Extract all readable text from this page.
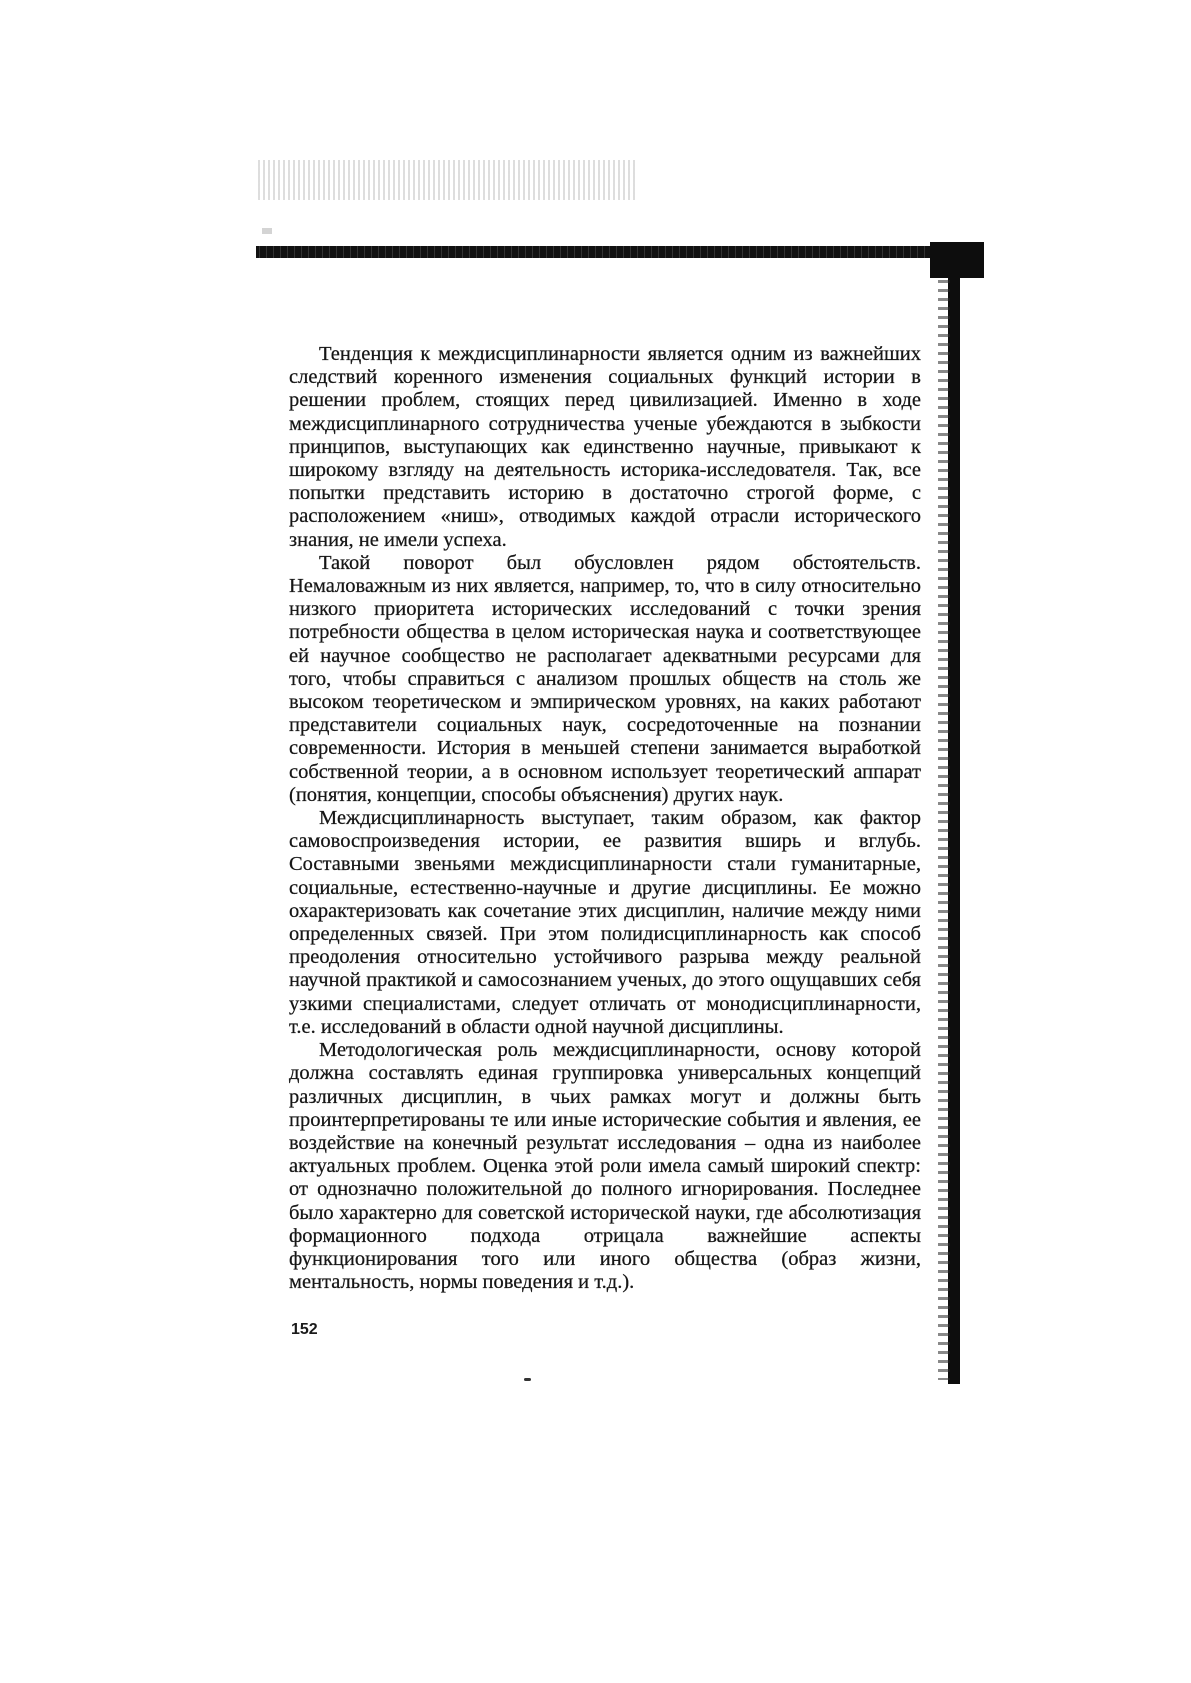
Тенденция к междисциплинарности является одним из важнейших следствий коренного изменения социальных функций истории в решении проблем, стоящих перед цивилизацией. Именно в ходе междисциплинарного сотрудничества ученые убеждаются в зыбкости принципов, выступающих как единственно научные, привыкают к широкому взгляду на деятельность историка-исследователя. Так, все попытки представить историю в достаточно строгой форме, с расположением «ниш», отводимых каждой отрасли исторического знания, не имели успеха.

Такой поворот был обусловлен рядом обстоятельств. Немаловажным из них является, например, то, что в силу относительно низкого приоритета исторических исследований с точки зрения потребности общества в целом историческая наука и соответствующее ей научное сообщество не располагает адекватными ресурсами для того, чтобы справиться с анализом прошлых обществ на столь же высоком теоретическом и эмпирическом уровнях, на каких работают представители социальных наук, сосредоточенные на познании современности. История в меньшей степени занимается выработкой собственной теории, а в основном использует теоретический аппарат (понятия, концепции, способы объяснения) других наук.

Междисциплинарность выступает, таким образом, как фактор самовоспроизведения истории, ее развития вширь и вглубь. Составными звеньями междисциплинарности стали гуманитарные, социальные, естественно-научные и другие дисциплины. Ее можно охарактеризовать как сочетание этих дисциплин, наличие между ними определенных связей. При этом полидисциплинарность как способ преодоления относительно устойчивого разрыва между реальной научной практикой и самосознанием ученых, до этого ощущавших себя узкими специалистами, следует отличать от монодисциплинарности, т.е. исследований в области одной научной дисциплины.

Методологическая роль междисциплинарности, основу которой должна составлять единая группировка универсальных концепций различных дисциплин, в чьих рамках могут и должны быть проинтерпретированы те или иные исторические события и явления, ее воздействие на конечный результат исследования – одна из наиболее актуальных проблем. Оценка этой роли имела самый широкий спектр: от однозначно положительной до полного игнорирования. Последнее было характерно для советской исторической науки, где абсолютизация формационного подхода отрицала важнейшие аспекты функционирования того или иного общества (образ жизни, ментальность, нормы поведения и т.д.).

152
